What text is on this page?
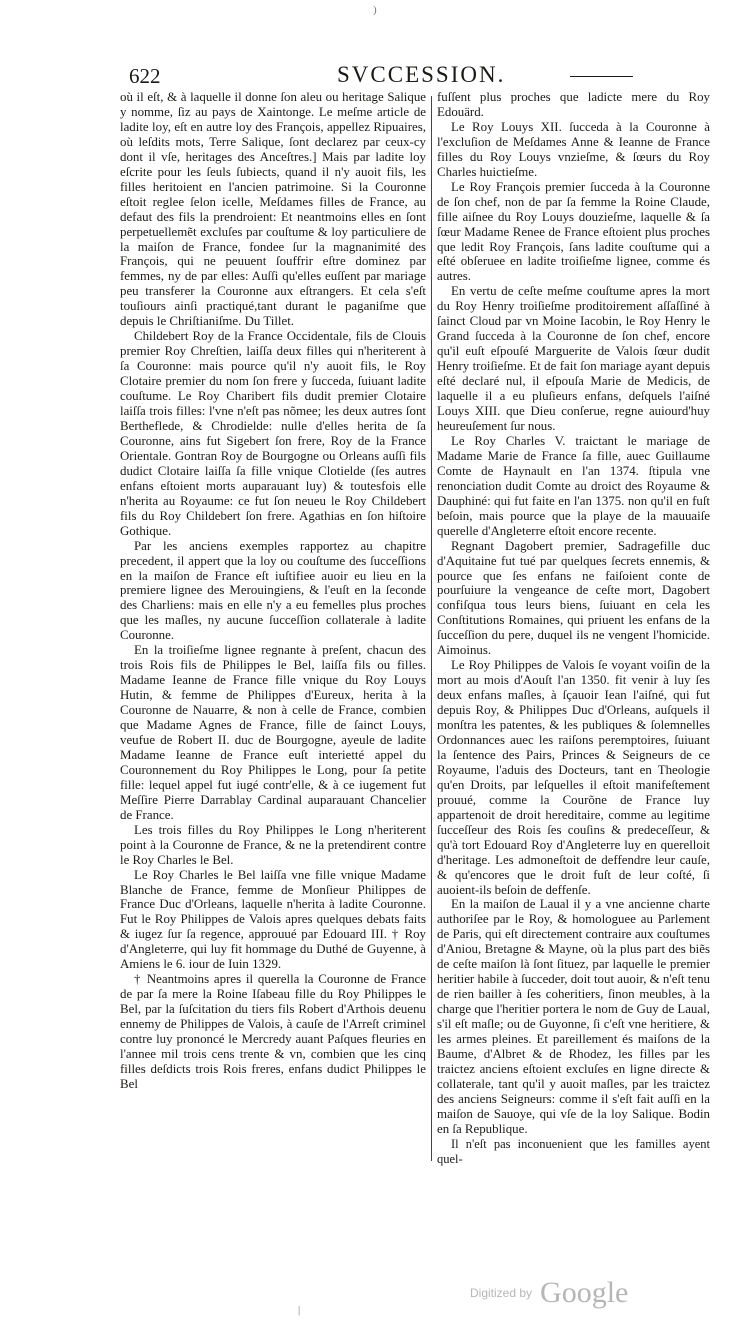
)
622	SVCCESSION.

où il eſt, & à laquelle il donne ſon aleu ou heritage Salique y nomme, ſiz au pays de Xaintonge. Le meſme article de ladite loy, eſt en autre loy des François, appellez Ripuaires, où leſdits mots, Terre Salique, ſont declarez par ceux-cy dont il vſe, heritages des Anceſtres.] Mais par ladite loy eſcrite pour les ſeuls ſubiects, quand il n'y auoit fils, les filles heritoient en l'ancien patrimoine. Si la Couronne eſtoit reglee ſelon icelle, Meſdames filles de France, au defaut des fils la prendroient: Et neantmoins elles en ſont perpetuellemẽt excluſes par couſtume & loy particuliere de la maiſon de France, fondee ſur la magnanimité des François, qui ne peuuent ſouffrir eſtre dominez par femmes, ny de par elles: Auſſi qu'elles euſſent par mariage peu transferer la Couronne aux eſtrangers. Et cela s'eſt touſiours ainſi practiqué,tant durant le paganiſme que depuis le Chriſtianiſme. Du Tillet.

Childebert Roy de la France Occidentale, fils de Clouis premier Roy Chreſtien, laiſſa deux filles qui n'heriterent à ſa Couronne: mais pource qu'il n'y auoit fils, le Roy Clotaire premier du nom ſon frere y ſucceda, ſuiuant ladite couſtume. Le Roy Charibert fils dudit premier Clotaire laiſſa trois filles: l'vne n'eſt pas nõmee; les deux autres ſont Bertheflede, & Chrodielde: nulle d'elles herita de ſa Couronne, ains fut Sigebert ſon frere, Roy de la France Orientale. Gontran Roy de Bourgogne ou Orleans auſſi fils dudict Clotaire laiſſa ſa fille vnique Clotielde (ſes autres enfans eſtoient morts auparauant luy) & toutesfois elle n'herita au Royaume: ce fut ſon neueu le Roy Childebert fils du Roy Childebert ſon frere. Agathias en ſon hiſtoire Gothique.

Par les anciens exemples rapportez au chapitre precedent, il appert que la loy ou couſtume des ſucceſſions en la maiſon de France eſt iuſtifiee auoir eu lieu en la premiere lignee des Merouingiens, & l'euſt en la ſeconde des Charliens: mais en elle n'y a eu femelles plus proches que les maſles, ny aucune ſucceſſion collaterale à ladite Couronne.

En la troiſieſme lignee regnante à preſent, chacun des trois Rois fils de Philippes le Bel, laiſſa fils ou filles. Madame Ieanne de France fille vnique du Roy Louys Hutin, & femme de Philippes d'Eureux, herita à la Couronne de Nauarre, & non à celle de France, combien que Madame Agnes de France, fille de ſainct Louys, veufue de Robert II. duc de Bourgogne, ayeule de ladite Madame Ieanne de France euſt interietté appel du Couronnement du Roy Philippes le Long, pour ſa petite fille: lequel appel fut iugé contr'elle, & à ce iugement fut Meſſire Pierre Darrablay Cardinal auparauant Chancelier de France.

Les trois filles du Roy Philippes le Long n'heriterent point à la Couronne de France, & ne la pretendirent contre le Roy Charles le Bel.

Le Roy Charles le Bel laiſſa vne fille vnique Madame Blanche de France, femme de Monſieur Philippes de France Duc d'Orleans, laquelle n'herita à ladite Couronne. Fut le Roy Philippes de Valois apres quelques debats faits & iugez ſur ſa regence, approuué par Edouard III. † Roy d'Angleterre, qui luy fit hommage du Duthé de Guyenne, à Amiens le 6. iour de Iuin 1329.

† Neantmoins apres il querella la Couronne de France de par ſa mere la Roine Iſabeau fille du Roy Philippes le Bel, par la ſuſcitation du tiers fils Robert d'Arthois deuenu ennemy de Philippes de Valois, à cauſe de l'Arreſt criminel contre luy prononcé le Mercredy auant Paſques fleuries en l'annee mil trois cens trente & vn, combien que les cinq filles deſdicts trois Rois freres, enfans dudict Philippes le Bel

fuſſent plus proches que ladicte mere du Roy Edouärd.

Le Roy Louys XII. ſucceda à la Couronne à l'excluſion de Meſdames Anne & Ieanne de France filles du Roy Louys vnzieſme, & ſœurs du Roy Charles huictieſme.

Le Roy François premier ſucceda à la Couronne de ſon chef, non de par ſa femme la Roine Claude, fille aiſnee du Roy Louys douzieſme, laquelle & ſa ſœur Madame Renee de France eſtoient plus proches que ledit Roy François, ſans ladite couſtume qui a eſté obſeruee en ladite troiſieſme lignee, comme és autres.

En vertu de ceſte meſme couſtume apres la mort du Roy Henry troiſieſme proditoirement aſſaſſiné à ſainct Cloud par vn Moine Iacobin, le Roy Henry le Grand ſucceda à la Couronne de ſon chef, encore qu'il euſt eſpouſé Marguerite de Valois ſœur dudit Henry troiſieſme. Et de fait ſon mariage ayant depuis eſté declaré nul, il eſpouſa Marie de Medicis, de laquelle il a eu pluſieurs enfans, deſquels l'aiſné Louys XIII. que Dieu conſerue, regne auiourd'huy heureuſement ſur nous.

Le Roy Charles V. traictant le mariage de Madame Marie de France ſa fille, auec Guillaume Comte de Haynault en l'an 1374. ſtipula vne renonciation dudit Comte au droict des Royaume & Dauphiné: qui fut faite en l'an 1375. non qu'il en fuſt beſoin, mais pource que la playe de la mauuaiſe querelle d'Angleterre eſtoit encore recente.

Regnant Dagobert premier, Sadragefille duc d'Aquitaine fut tué par quelques ſecrets ennemis, & pource que ſes enfans ne faiſoient conte de pourſuiure la vengeance de ceſte mort, Dagobert confiſqua tous leurs biens, ſuiuant en cela les Conſtitutions Romaines, qui priuent les enfans de la ſucceſſion du pere, duquel ils ne vengent l'homicide. Aimoinus.

Le Roy Philippes de Valois ſe voyant voiſin de la mort au mois d'Aouſt l'an 1350. fit venir à luy ſes deux enfans maſles, à ſçauoir Iean l'aiſné, qui fut depuis Roy, & Philippes Duc d'Orleans, auſquels il monſtra les patentes, & les publiques & ſolemnelles Ordonnances auec les raiſons peremptoires, ſuiuant la ſentence des Pairs, Princes & Seigneurs de ce Royaume, l'aduis des Docteurs, tant en Theologie qu'en Droits, par leſquelles il eſtoit manifeſtement prouué, comme la Courõne de France luy appartenoit de droit hereditaire, comme au legitime ſucceſſeur des Rois ſes couſins & predeceſſeur, & qu'à tort Edouard Roy d'Angleterre luy en querelloit d'heritage. Les admoneſtoit de deffendre leur cauſe, & qu'encores que le droit fuſt de leur coſté, ſi auoient-ils beſoin de deffenſe.

En la maiſon de Laual il y a vne ancienne charte authoriſee par le Roy, & homologuee au Parlement de Paris, qui eſt directement contraire aux couſtumes d'Aniou, Bretagne & Mayne, où la plus part des biẽs de ceſte maiſon là ſont ſituez, par laquelle le premier heritier habile à ſucceder, doit tout auoir, & n'eſt tenu de rien bailler à ſes coheritiers, ſinon meubles, à la charge que l'heritier portera le nom de Guy de Laual, s'il eſt maſle; ou de Guyonne, ſi c'eſt vne heritiere, & les armes pleines. Et pareillement és maiſons de la Baume, d'Albret & de Rhodez, les filles par les traictez anciens eſtoient excluſes en ligne directe & collaterale, tant qu'il y auoit maſles, par les traictez des anciens Seigneurs: comme il s'eſt fait auſſi en la maiſon de Sauoye, qui vſe de la loy Salique. Bodin en ſa Republique.

Il n'eſt pas inconuenient que les familles ayent quel-

Digitized by Google
|
